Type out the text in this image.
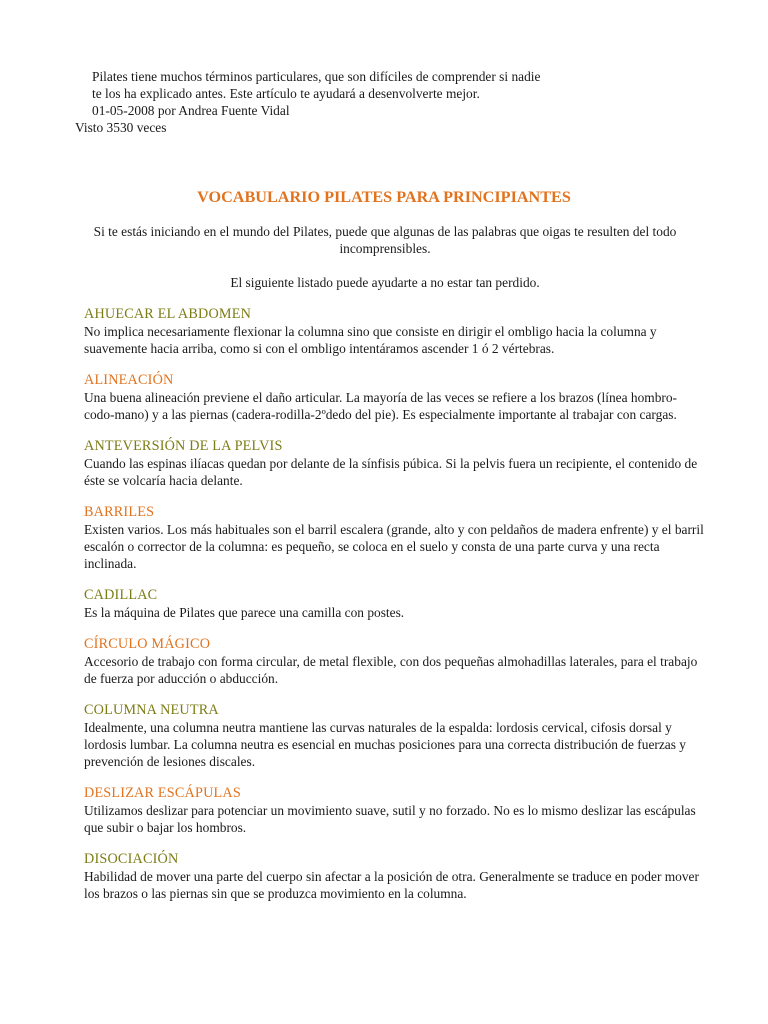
Pilates tiene muchos términos particulares, que son difíciles de comprender si nadie

te los ha explicado antes. Este artículo te ayudará a desenvolverte mejor.

01-05-2008 por Andrea Fuente Vidal

Visto 3530 veces

VOCABULARIO PILATES PARA PRINCIPIANTES

Si te estás iniciando en el mundo del Pilates, puede que algunas de las palabras que oigas te resulten del todo incomprensibles.

El siguiente listado puede ayudarte a no estar tan perdido.

AHUECAR EL ABDOMEN

No implica necesariamente flexionar la columna sino que consiste en dirigir el ombligo hacia la columna y suavemente hacia arriba, como si con el ombligo intentáramos ascender 1 ó 2 vértebras.

ALINEACIÓN

Una buena alineación previene el daño articular. La mayoría de las veces se refiere a los brazos (línea hombro-codo-mano) y a las piernas (cadera-rodilla-2ºdedo del pie). Es especialmente importante al trabajar con cargas.

ANTEVERSIÓN DE LA PELVIS

Cuando las espinas ilíacas quedan por delante de la sínfisis púbica. Si la pelvis fuera un recipiente, el contenido de éste se volcaría hacia delante.

BARRILES

Existen varios. Los más habituales son el barril escalera (grande, alto y con peldaños de madera enfrente) y el barril escalón o corrector de la columna: es pequeño, se coloca en el suelo y consta de una parte curva y una recta inclinada.

CADILLAC

Es la máquina de Pilates que parece una camilla con postes.

CÍRCULO MÁGICO

Accesorio de trabajo con forma circular, de metal flexible, con dos pequeñas almohadillas laterales, para el trabajo de fuerza por aducción o abducción.

COLUMNA NEUTRA

Idealmente, una columna neutra mantiene las curvas naturales de la espalda: lordosis cervical, cifosis dorsal y lordosis lumbar. La columna neutra es esencial en muchas posiciones para una correcta distribución de fuerzas y prevención de lesiones discales.

DESLIZAR ESCÁPULAS

Utilizamos deslizar para potenciar un movimiento suave, sutil y no forzado. No es lo mismo deslizar las escápulas que subir o bajar los hombros.

DISOCIACIÓN

Habilidad de mover una parte del cuerpo sin afectar a la posición de otra. Generalmente se traduce en poder mover los brazos o las piernas sin que se produzca movimiento en la columna.
